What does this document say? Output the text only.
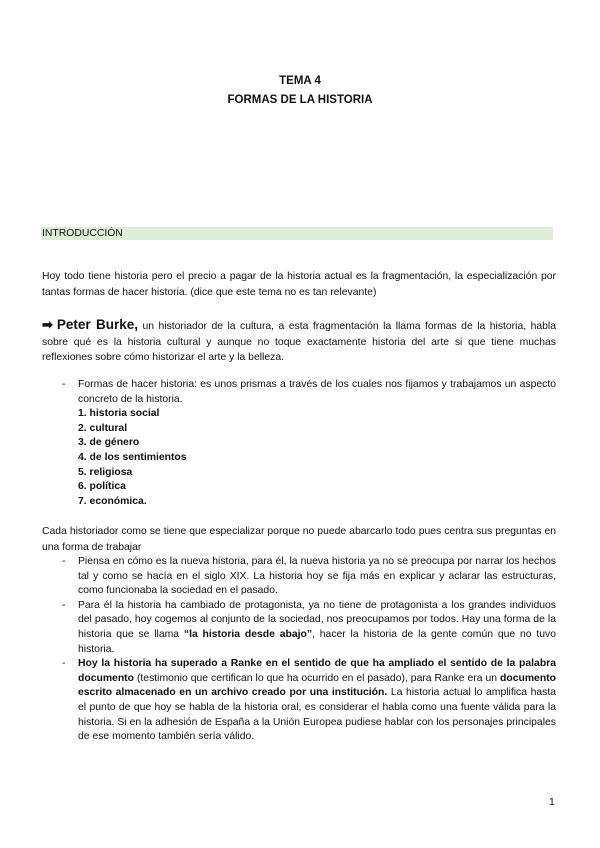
TEMA 4
FORMAS DE LA HISTORIA
INTRODUCCIÓN
Hoy todo tiene historia pero el precio a pagar de la historia actual es la fragmentación, la especialización por tantas formas de hacer historia. (dice que este tema no es tan relevante)
➡ Peter Burke, un historiador de la cultura, a esta fragmentación la llama formas de la historia, habla sobre qué es la historia cultural y aunque no toque exactamente historia del arte si que tiene muchas reflexiones sobre cómo historizar el arte y la belleza.
- Formas de hacer historia: es unos prismas a través de los cuales nos fijamos y trabajamos un aspecto concreto de la historia.
1. historia social
2. cultural
3. de género
4. de los sentimientos
5. religiosa
6. política
7. económica.
Cada historiador como se tiene que especializar porque no puede abarcarlo todo pues centra sus preguntas en una forma de trabajar
- Piensa en cómo es la nueva historia, para él, la nueva historia ya no se preocupa por narrar los hechos tal y como se hacía en el siglo XIX. La historia hoy se fija más en explicar y aclarar las estructuras, como funcionaba la sociedad en el pasado.
- Para él la historia ha cambiado de protagonista, ya no tiene de protagonista a los grandes individuos del pasado, hoy cogemos al conjunto de la sociedad, nos preocupamos por todos. Hay una forma de la historia que se llama “la historia desde abajo”, hacer la historia de la gente común que no tuvo historia.
- Hoy la historia ha superado a Ranke en el sentido de que ha ampliado el sentido de la palabra documento (testimonio que certifican lo que ha ocurrido en el pasado), para Ranke era un documento escrito almacenado en un archivo creado por una institución. La historia actual lo amplifica hasta el punto de que hoy se habla de la historia oral, es considerar el habla como una fuente válida para la historia. Si en la adhesión de España a la Unión Europea pudiese hablar con los personajes principales de ese momento también sería válido.
1
